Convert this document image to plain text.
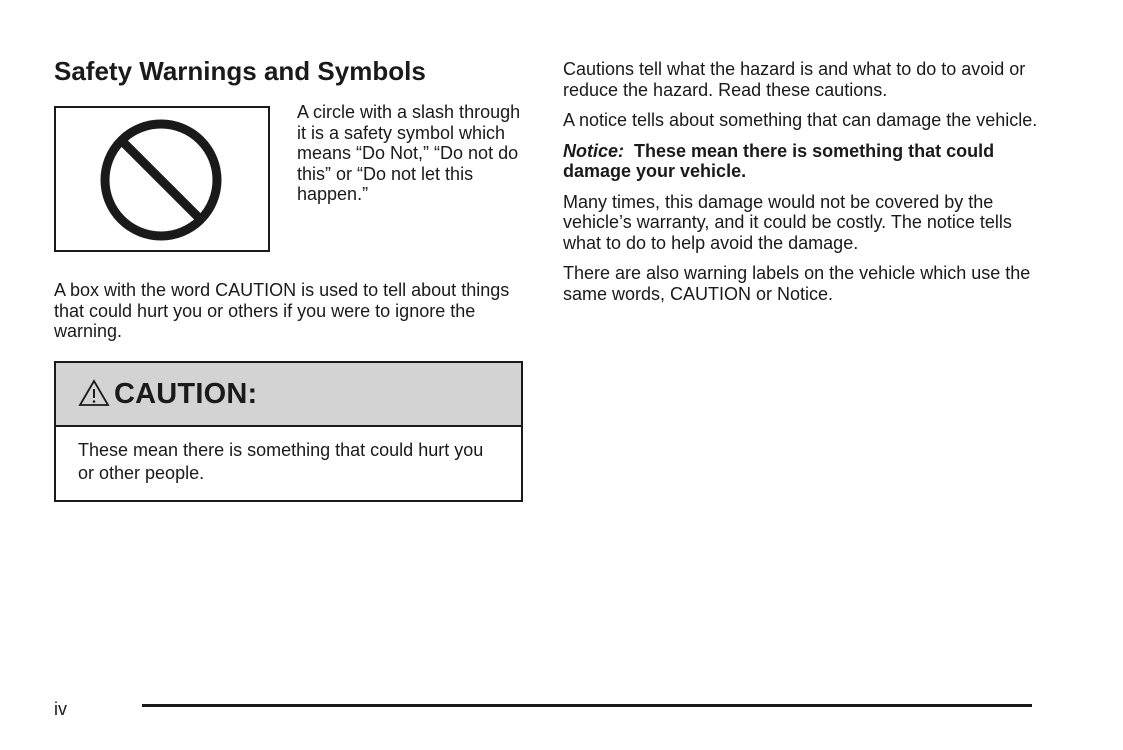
Safety Warnings and Symbols

A circle with a slash through it is a safety symbol which means “Do Not,” “Do not do this” or “Do not let this happen.”

A box with the word CAUTION is used to tell about things that could hurt you or others if you were to ignore the warning.

CAUTION:

These mean there is something that could hurt you or other people.

Cautions tell what the hazard is and what to do to avoid or reduce the hazard. Read these cautions.

A notice tells about something that can damage the vehicle.

Notice: These mean there is something that could damage your vehicle.

Many times, this damage would not be covered by the vehicle’s warranty, and it could be costly. The notice tells what to do to help avoid the damage.

There are also warning labels on the vehicle which use the same words, CAUTION or Notice.

iv
